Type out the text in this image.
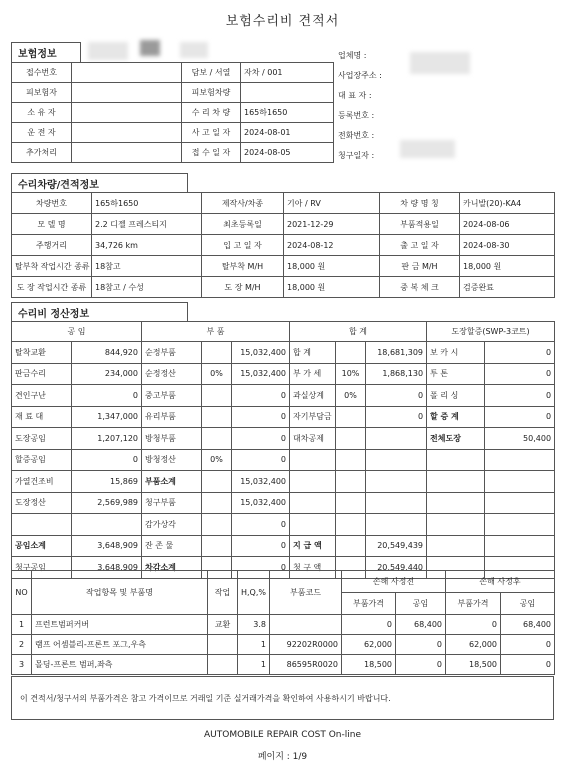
보험수리비 견적서
보험정보
접수번호		담보 / 서열	자차 / 001
피보험자		피보험차량	
소 유 자		수 리 차 량	165하1650
운 전 자		사 고 일 자	2024-08-01
추가처리		접 수 일 자	2024-08-05
업체명 :
사업장주소 :
대 표 자 :
등록번호 :
전화번호 :
청구일자 :
수리차량/견적정보
차량번호	165하1650	제작사/차종	기아 / RV	차 량 명 칭	카니발(20)-KA4
모 델 명	2.2 디젤 프레스티지	최초등록일	2021-12-29	부품적용일	2024-08-06
주행거리	34,726 km	입 고 일 자	2024-08-12	출 고 일 자	2024-08-30
탈부착 작업시간 종류	18참고	탈부착 M/H	18,000 원	판 금 M/H	18,000 원
도 장 작업시간 종류	18참고 / 수성	도 장 M/H	18,000 원	중 복 체 크	검증완료
수리비 정산정보
공 임		부 품			합 계			도장할증(SWP-3코트)	
탈착교환	844,920	순정부품		15,032,400	합 계		18,681,309	보 카 시	0
판금수리	234,000	순정정산	0%	15,032,400	부 가 세	10%	1,868,130	투 톤	0
견인구난	0	중고부품		0	과실상계	0%	0	폴 리 싱	0
재 료 대	1,347,000	유리부품		0	자기부담금		0	할 증 계	0
도장공임	1,207,120	방청부품		0	대차공제			전체도장	50,400
할증공임	0	방청정산	0%	0					
가열건조비	15,869	부품소계		15,032,400					
도장정산	2,569,989	청구부품		15,032,400					
		감가상각		0					
공임소계	3,648,909	잔 존 물		0	지 급 액		20,549,439		
청구공임	3,648,909	차감소계		0	청 구 액		20,549,440		
NO	작업항목 및 부품명	작업	H,Q,%	부품코드	손해 사정전		손해 사정후	
					부품가격	공임	부품가격	공임
1	프런트범퍼커버	교환	3.8		0	68,400	0	68,400
2	램프 어셈블리-프론트 포그,우측		1	92202R0000	62,000	0	62,000	0
3	몰딩-프론트 범퍼,좌측		1	86595R0020	18,500	0	18,500	0
이 견적서/청구서의 부품가격은 참고 가격이므로 거래일 기준 실거래가격을 확인하여 사용하시기 바랍니다.
AUTOMOBILE REPAIR COST On-line
페이지 : 1/9
